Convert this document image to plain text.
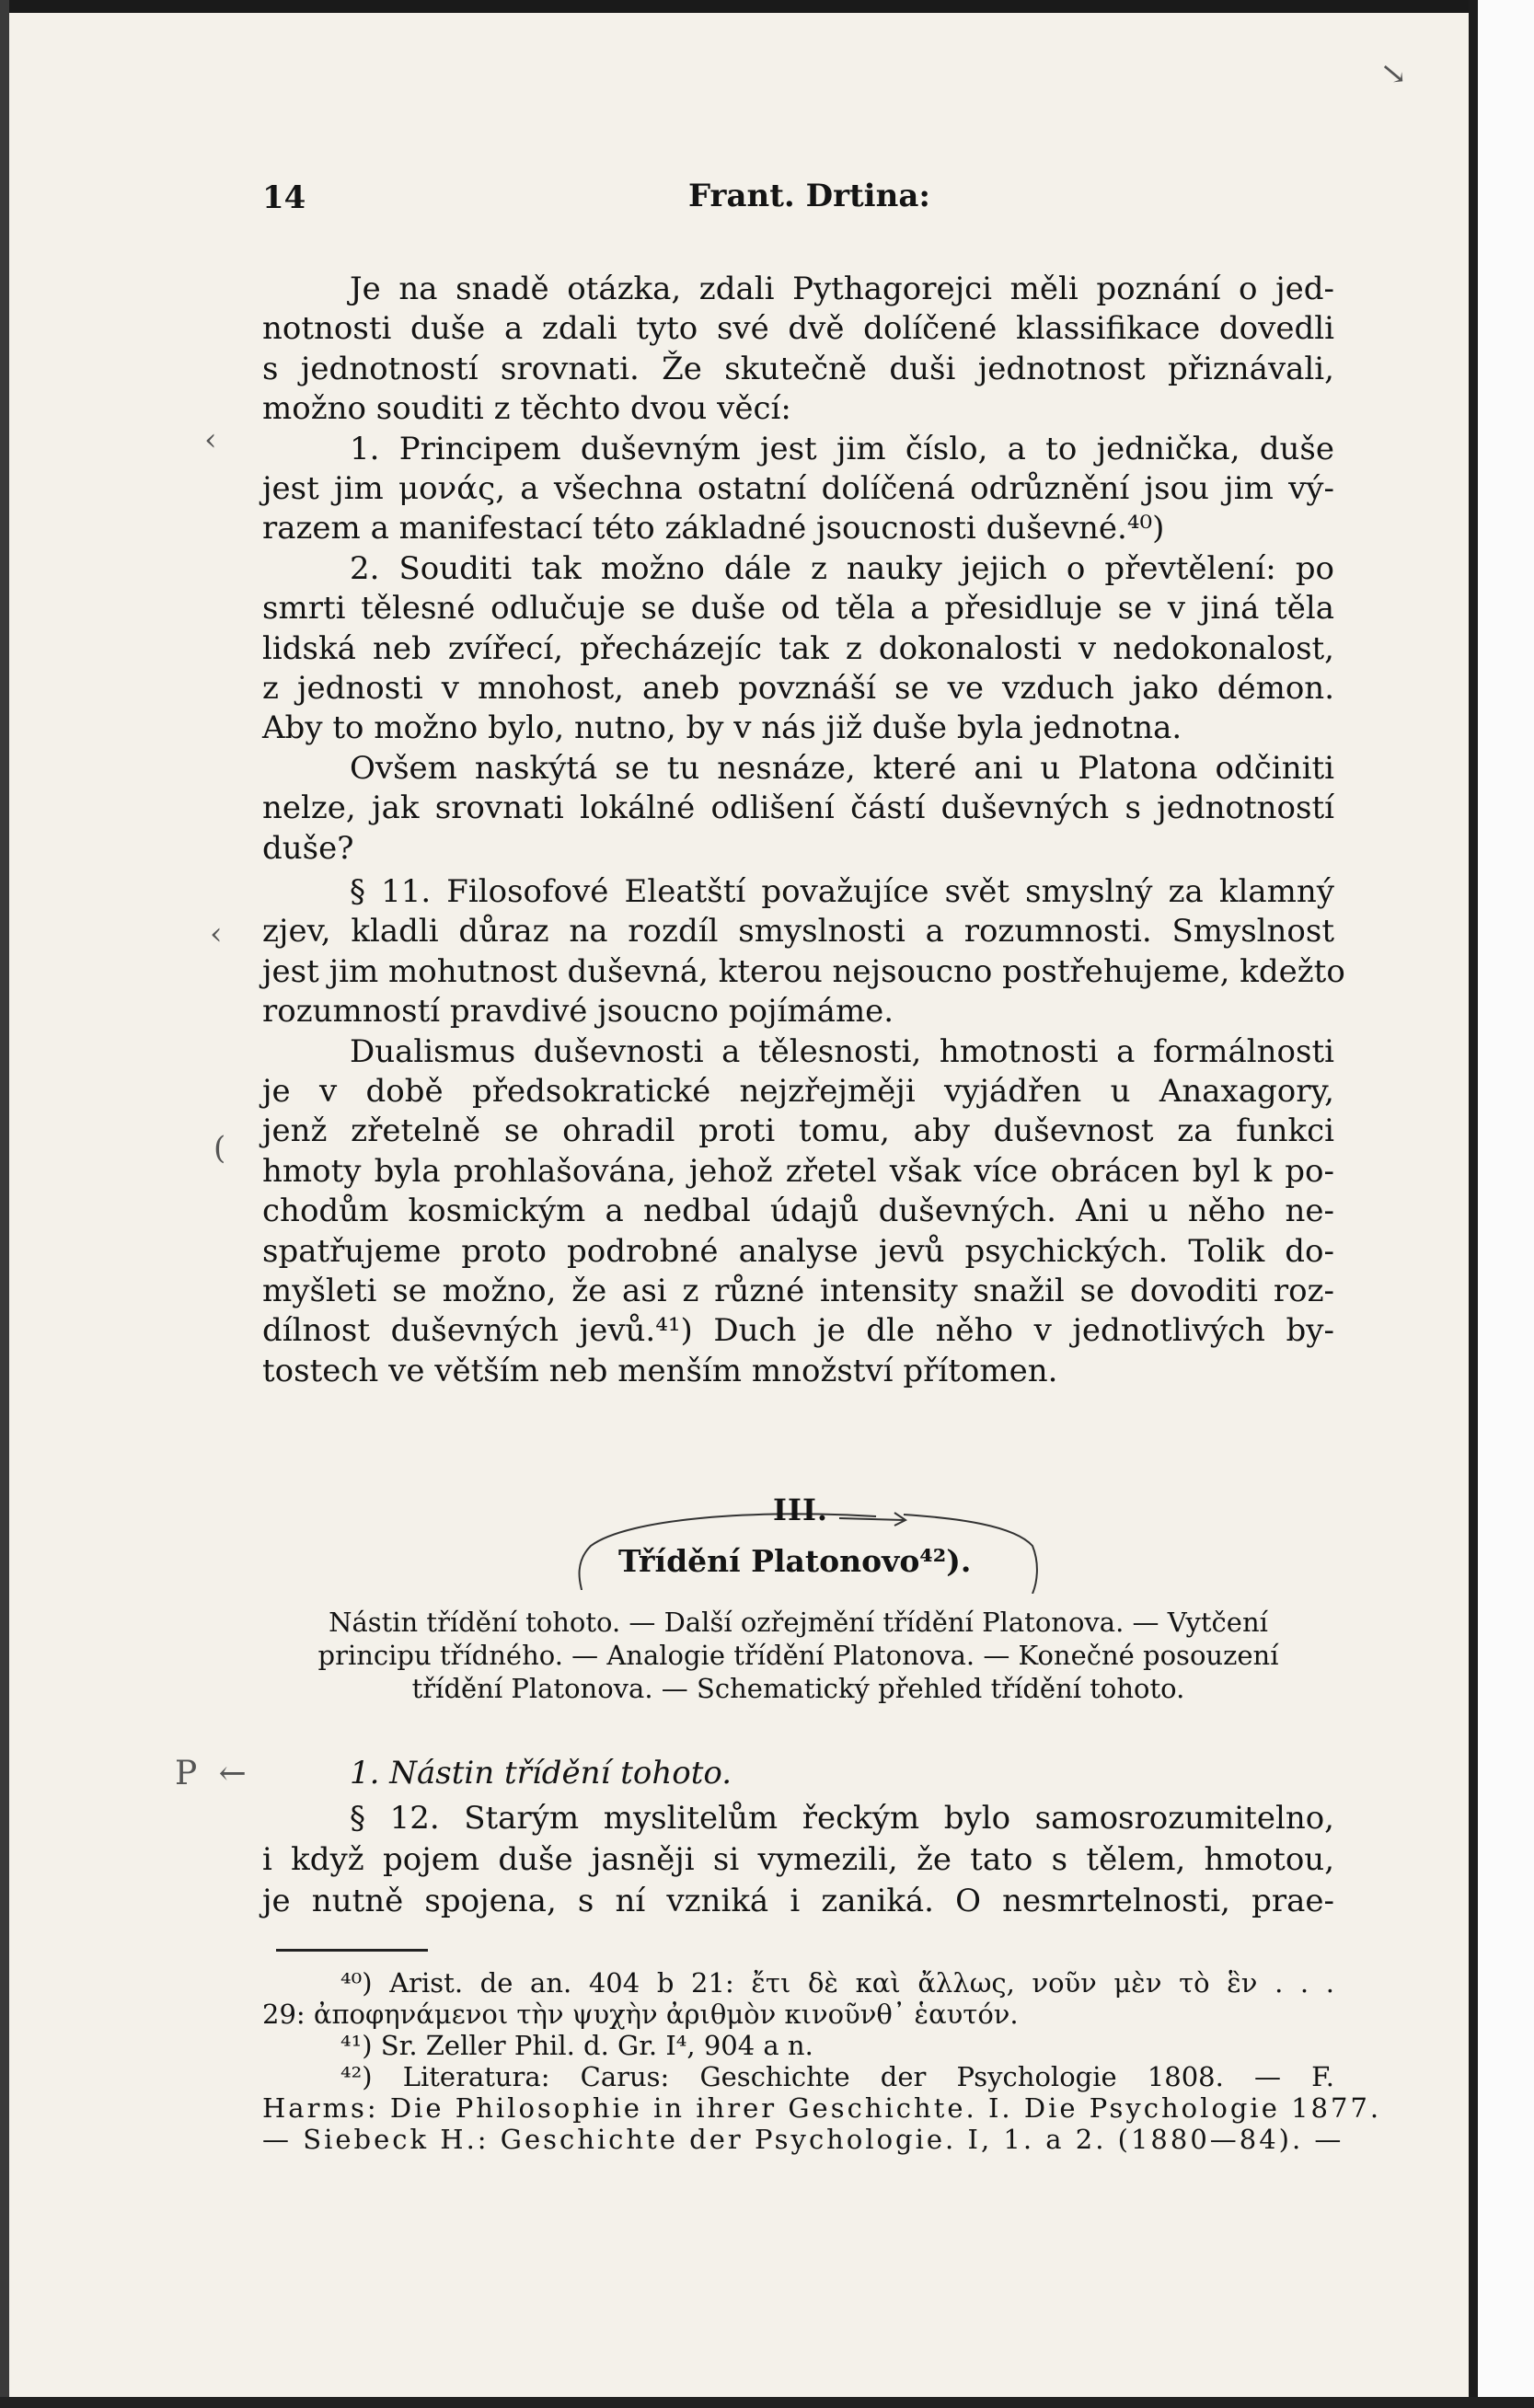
14	Frant. Drtina:
Je na snadě otázka, zdali Pythagorejci měli poznání o jed-
notnosti duše a zdali tyto své dvě dolíčené klassifikace dovedli
s jednotností srovnati. Že skutečně duši jednotnost přiznávali,
možno souditi z těchto dvou věcí:
1. Principem duševným jest jim číslo, a to jednička, duše
jest jim μονάς, a všechna ostatní dolíčená odrůznění jsou jim vý-
razem a manifestací této základné jsoucnosti duševné.⁴⁰)
2. Souditi tak možno dále z nauky jejich o převtělení: po
smrti tělesné odlučuje se duše od těla a přesidluje se v jiná těla
lidská neb zvířecí, přecházejíc tak z dokonalosti v nedokonalost,
z jednosti v mnohost, aneb povznáší se ve vzduch jako démon.
Aby to možno bylo, nutno, by v nás již duše byla jednotna.
Ovšem naskýtá se tu nesnáze, které ani u Platona odčiniti
nelze, jak srovnati lokálné odlišení částí duševných s jednotností
duše?
§ 11. Filosofové Eleatští považujíce svět smyslný za klamný
zjev, kladli důraz na rozdíl smyslnosti a rozumnosti. Smyslnost
jest jim mohutnost duševná, kterou nejsoucno postřehujeme, kdežto
rozumností pravdivé jsoucno pojímáme.
Dualismus duševnosti a tělesnosti, hmotnosti a formálnosti
je v době předsokratické nejzřejměji vyjádřen u Anaxagory,
jenž zřetelně se ohradil proti tomu, aby duševnost za funkci
hmoty byla prohlašována, jehož zřetel však více obrácen byl k po-
chodům kosmickým a nedbal údajů duševných. Ani u něho ne-
spatřujeme proto podrobné analyse jevů psychických. Tolik do-
myšleti se možno, že asi z různé intensity snažil se dovoditi roz-
dílnost duševných jevů.⁴¹) Duch je dle něho v jednotlivých by-
tostech ve větším neb menším množství přítomen.
III.
Třídění Platonovo⁴²).
Nástin třídění tohoto. — Další ozřejmění třídění Platonova. — Vytčení
principu třídného. — Analogie třídění Platonova. — Konečné posouzení
třídění Platonova. — Schematický přehled třídění tohoto.
1. Nástin třídění tohoto.
§ 12. Starým myslitelům řeckým bylo samosrozumitelno,
i když pojem duše jasněji si vymezili, že tato s tělem, hmotou,
je nutně spojena, s ní vzniká i zaniká. O nesmrtelnosti, prae-
⁴⁰) Arist. de an. 404 b 21: ἔτι δὲ καὶ ἄλλως, νοῦν μὲν τὸ ἓν . . .
29: ἀποφηνάμενοι τὴν ψυχὴν ἀριθμὸν κινοῦνθ᾽ ἑαυτόν.
⁴¹) Sr. Zeller Phil. d. Gr. I⁴, 904 a n.
⁴²) Literatura: Carus: Geschichte der Psychologie 1808. — F.
Harms: Die Philosophie in ihrer Geschichte. I. Die Psychologie 1877.
— Siebeck H.: Geschichte der Psychologie. I, 1. a 2. (1880—84). —
‹
‹
(
P ←
→
